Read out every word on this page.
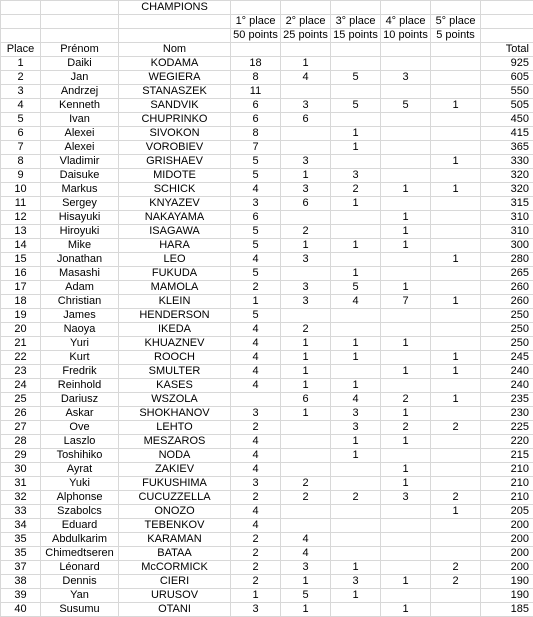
		CHAMPIONS						
			1° place	2° place	3° place	4° place	5° place	
			50 points	25 points	15 points	10 points	5 points	
Place	Prénom	Nom						Total
1	Daiki	KODAMA	18	1				925
2	Jan	WEGIERA	8	4	5	3		605
3	Andrzej	STANASZEK	11					550
4	Kenneth	SANDVIK	6	3	5	5	1	505
5	Ivan	CHUPRINKO	6	6				450
6	Alexei	SIVOKON	8		1			415
7	Alexei	VOROBIEV	7		1			365
8	Vladimir	GRISHAEV	5	3			1	330
9	Daisuke	MIDOTE	5	1	3			320
10	Markus	SCHICK	4	3	2	1	1	320
11	Sergey	KNYAZEV	3	6	1			315
12	Hisayuki	NAKAYAMA	6			1		310
13	Hiroyuki	ISAGAWA	5	2		1		310
14	Mike	HARA	5	1	1	1		300
15	Jonathan	LEO	4	3			1	280
16	Masashi	FUKUDA	5		1			265
17	Adam	MAMOLA	2	3	5	1		260
18	Christian	KLEIN	1	3	4	7	1	260
19	James	HENDERSON	5					250
20	Naoya	IKEDA	4	2				250
21	Yuri	KHUAZNEV	4	1	1	1		250
22	Kurt	ROOCH	4	1	1		1	245
23	Fredrik	SMULTER	4	1		1	1	240
24	Reinhold	KASES	4	1	1			240
25	Dariusz	WSZOLA		6	4	2	1	235
26	Askar	SHOKHANOV	3	1	3	1		230
27	Ove	LEHTO	2		3	2	2	225
28	Laszlo	MESZAROS	4		1	1		220
29	Toshihiko	NODA	4		1			215
30	Ayrat	ZAKIEV	4			1		210
31	Yuki	FUKUSHIMA	3	2		1		210
32	Alphonse	CUCUZZELLA	2	2	2	3	2	210
33	Szabolcs	ONOZO	4				1	205
34	Eduard	TEBENKOV	4					200
35	Abdulkarim	KARAMAN	2	4				200
35	Chimedtseren	BATAA	2	4				200
37	Léonard	McCORMICK	2	3	1		2	200
38	Dennis	CIERI	2	1	3	1	2	190
39	Yan	URUSOV	1	5	1			190
40	Susumu	OTANI	3	1		1		185
